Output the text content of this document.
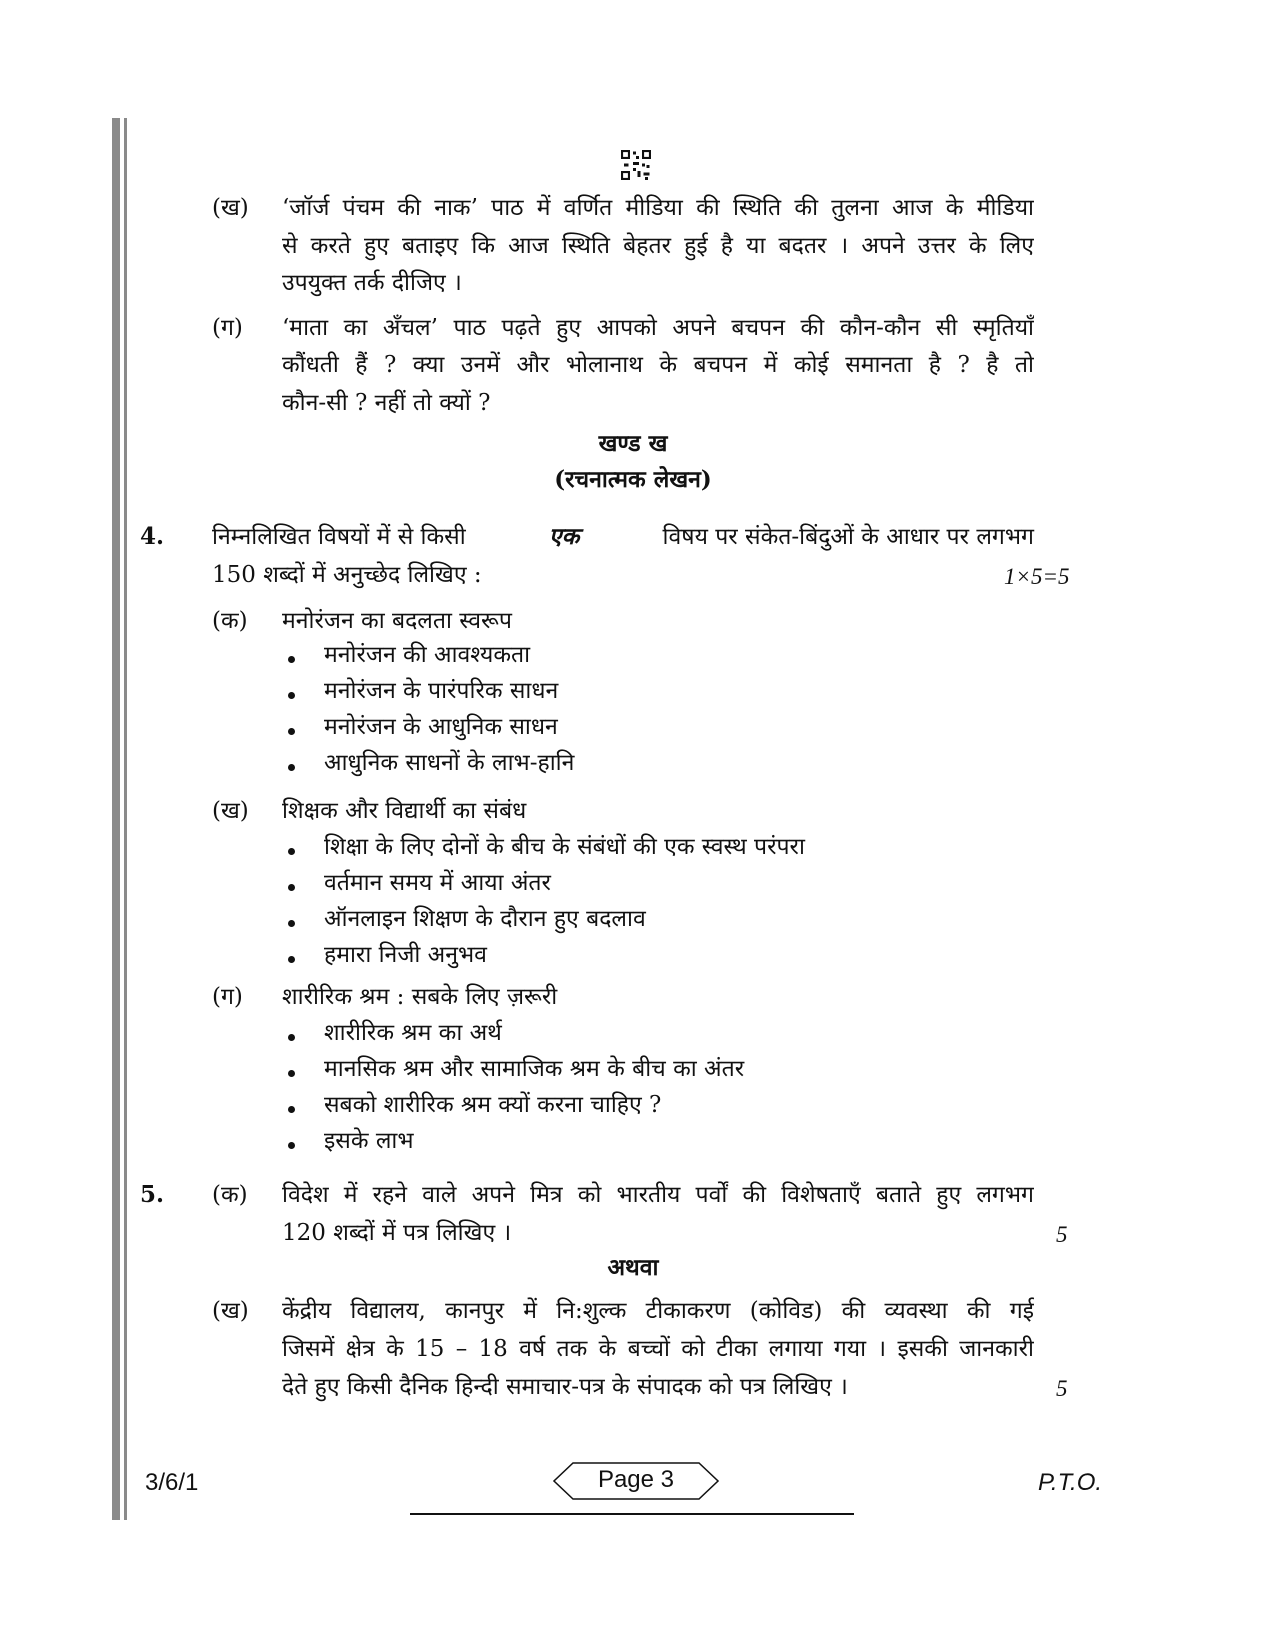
(ख) ‘जॉर्ज पंचम की नाक’ पाठ में वर्णित मीडिया की स्थिति की तुलना आज के मीडिया
से करते हुए बताइए कि आज स्थिति बेहतर हुई है या बदतर । अपने उत्तर के लिए
उपयुक्त तर्क दीजिए ।
(ग) ‘माता का अँचल’ पाठ पढ़ते हुए आपको अपने बचपन की कौन-कौन सी स्मृतियाँ
कौंधती हैं ? क्या उनमें और भोलानाथ के बचपन में कोई समानता है ? है तो
कौन-सी ? नहीं तो क्यों ?
खण्ड ख
(रचनात्मक लेखन)
4. निम्नलिखित विषयों में से किसी	एक	विषय पर संकेत-बिंदुओं के आधार पर लगभग
150 शब्दों में अनुच्छेद लिखिए :	1×5=5
(क) मनोरंजन का बदलता स्वरूप
मनोरंजन की आवश्यकता
मनोरंजन के पारंपरिक साधन
मनोरंजन के आधुनिक साधन
आधुनिक साधनों के लाभ-हानि
(ख) शिक्षक और विद्यार्थी का संबंध
शिक्षा के लिए दोनों के बीच के संबंधों की एक स्वस्थ परंपरा
वर्तमान समय में आया अंतर
ऑनलाइन शिक्षण के दौरान हुए बदलाव
हमारा निजी अनुभव
(ग) शारीरिक श्रम : सबके लिए ज़रूरी
शारीरिक श्रम का अर्थ
मानसिक श्रम और सामाजिक श्रम के बीच का अंतर
सबको शारीरिक श्रम क्यों करना चाहिए ?
इसके लाभ
5. (क) विदेश में रहने वाले अपने मित्र को भारतीय पर्वों की विशेषताएँ बताते हुए लगभग
120 शब्दों में पत्र लिखिए ।	5
अथवा
(ख) केंद्रीय विद्यालय, कानपुर में नि:शुल्क टीकाकरण (कोविड) की व्यवस्था की गई
जिसमें क्षेत्र के 15 – 18 वर्ष तक के बच्चों को टीका लगाया गया । इसकी जानकारी
देते हुए किसी दैनिक हिन्दी समाचार-पत्र के संपादक को पत्र लिखिए ।	5
3/6/1	Page 3	P.T.O.
